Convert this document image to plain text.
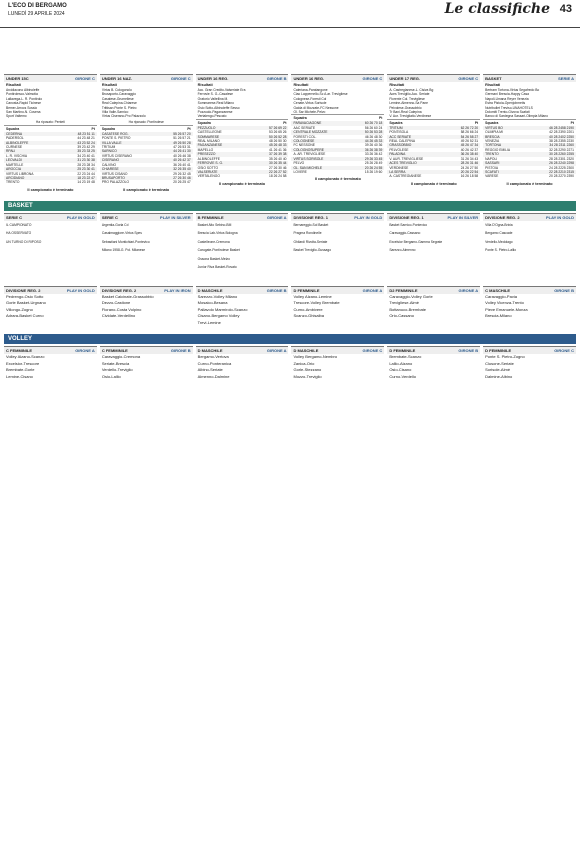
L'ECO DI BERGAMO
LUNEDÌ 29 APRILE 2024	Le classifiche 43
UNDER 15C	GIRONE C
Risultati
Arcidiacono Albinoleffe
Pontirolesco-Valmotia
Lallavega-L. R. Pontirolo
Canosta-Rapid Ticinese
Bemer-Arrocs Sossio
San Martino-N. Cosena
Sport Valtemo
Ha riposato: Penteti
Squadra	Pt
CEDERNA	48 23 51 11
PADERSOL	44 23 48 21
ALBINOLEFFE	43 23 52 24
CURNESE	39 23 42 29
RPALI	35 23 33 25
L. R. VISCHIA	34 23 40 41
LEOVALDI	31 23 30 38
MARTELLE	28 23 28 34
AROCCIA	25 23 30 41
VIRTUS LIBRONA	22 23 24 44
ARCIDIANO	18 23 22 47
TRENTO	14 23 19 48
Il campionato è terminato
UNDER 16 NAZ.	GIRONE C
Risultati
Virtus B. Cologonolo
Brusaporto-Caravaggio
Casatese-Grumellese
Real Calepina-Chiarese
Trittisan Ponte S. Pietro
Villa Valle-Sarnico
Virtus Ciserano-Pro Palazzolo
Ha riposato: Pontirolese
Squadra	Pt
CASATESE ROG.	55 26 57 20
PONTE S. PIETRO	51 26 57 21
VILLA VALLE	49 26 50 28
TRITIUM	47 26 53 31
SARNICO	44 26 41 30
VIRTUS CISERANO	40 26 46 38
CISERANO	40 26 42 37
CALVINO	36 26 40 41
CHIARESE	32 26 35 40
VIRTUS CISANO	29 26 32 45
BRUSAPORTO	27 26 30 46
PRO PALAZZOLO	20 26 25 47
Il campionato è terminato
UNDER 16 REG.	GIRONE B
Risultati
Acc. Gran Credito-Valseriate Era
Ferrovie S. G.-Casalese
Oratorio Valtellina M.
Sommarese-Real Milano
Osio Sotto-Albinoleffe Sesso
Pozzuolo-Paganzanese
Vertalengo-Pescato
Squadra	Pt
PEZZUOLO	57 26 69 22
CASTELLEONE	53 26 65 26
SOMMARESE	50 26 52 28
REAL MILANO	48 26 50 30
PAGANZANESE	45 26 48 33
MAPELLO	41 26 41 36
PRESEZZO	37 26 39 38
ALBINOLEFFE	35 26 40 40
FERROVIE S. G.	30 26 35 44
OSIO SOTTO	27 26 30 46
VALSERIATE	22 26 27 52
VERTALENGO	18 26 24 58
Il campionato è terminato
UNDER 16 REG.	GIRONE C
Risultati
Caleriana-Paratangone
Ciao Lappernello-Sc A.ar. Trevigliese
Colognese-Foresti Col
Cenate-Virtus Sorisole
Gaida di Mozzate-FC Nessone
Ol. Sar Michele-Pelvo
Squadra	Pt
PARAVACIAGONE	60 26 70 18
AAC SERIATE	56 26 60 24
CENTRALE MOZZATE	50 26 53 28
FORESTI COL.	46 26 48 30
COLOGNESE	44 26 45 33
FC NESSONE	39 26 40 36
COLOGNOSUPERE	36 26 38 39
A. AR. TREVIGLIESE	33 26 36 42
VIRTUS SORISOLE	29 26 33 45
PELVO	25 26 28 49
OL. SAN MICHELE	20 26 24 55
LOVERE	15 26 19 60
Il campionato è terminato
UNDER 17 REG.	GIRONE C
Risultati
A. Castregianese-L. Cisiva Bg
Aces Trevigliio-Acc. Seriate
Fiorente Col. Trevigliese
Lemine-Almenno-Sa Pane
Pelvolese-Grassobbio
Tr Bani-Real Calepina
V. Aur. Trevigliatio-Verdinese
Squadra	Pt
TRITIUM	62 26 72 20
PONTISOLA	58 26 66 24
ACC SERIATE	54 26 58 27
REAL CALEPINA	49 26 52 31
GRASSOBBIO	45 26 47 34
PELVOLESE	40 26 42 37
PALADINA	36 26 38 40
V. AUR. TREVIGLIESE	31 26 34 43
ACES TREVIGLIO	28 26 31 46
VERDINESE	24 26 27 50
LA SERRA	20 26 22 54
A. CASTREGIANESE	16 26 18 58
Il campionato è terminato
BASKET	SERIE A
Risultati
Bertram Tortona-Virtus Segafredo Bo
Germani Brescia-Happy Casa
Napoli-Umana Reyer Venezia
Estra Pistoia-Openjobmetis
Nutribullet Treviso-UNAHOTELS
Dolomiti Trento-Givova Scafati
Banco di Sardegna Sassari-Olimpia Milano
Squadra	Pt
VIRTUS BO	46 28 2458 2190
OLIMPIA MI	42 28 2390 2201
BRESCIA	40 28 2402 2250
VENEZIA	38 28 2355 2230
TORTONA	34 28 2311 2260
REGGIO EMILIA	32 28 2290 2271
TRENTO	30 28 2260 2255
NAPOLI	28 28 2301 2320
SASSARI	26 28 2240 2298
PISTOIA	24 28 2225 2300
SCAFATI	22 28 2210 2315
VARESE	20 28 2270 2390
Il campionato è terminato
BASKET
SERIE C	PLAY IN GOLD
IL CAMPIONATO
HA OSSERVATO
UN TURNO DI RIPOSO
SERIE C	PLAY IN SILVER
Argentia-Gorla Cd
Casalmaggiore-Virtus Spes
Sebastiani Montichiari-Pontevico
Milano 1958-G. Pol. Milanese
B FEMMINILE	GIRONE A
Basket Alto Sebino-BM
Brescia Lab-Virtus Bologna
Castelleone-Cremona
Carugate-Pontirolese Basket
Ossona Basket-Melzo
Junior Riva Basket-Rovato
DIVISIONE REG. 1	PLAY IN GOLD
Bernareggio-Sol Basket
Pragma Rondinelle
Ghilardi Rivolta-Seriate
Basket Treviglio-Gussago
DIVISIONE REG. 1	PLAY IN SILVER
Basket Sarnico-Pontevico
Caravaggio-Cassano
Excelsior Bergamo-Gamma Segrate
Sarezzo-Almenno
DIVISIONE REG. 2	PLAY IN GOLD
Villa D'Ogna-Brixia
Bergamo Cascade
Verdello-Medolago
Ponte S. Pietro-Lallio
DIVISIONE REG. 2	PLAY IN GOLD
Pedrengo-Osio Sotto
Gorle Basket-Urgnano
Villongo-Zogno
Adrara-Basket Curno
DIVISIONE REG. 2	PLAY IN IRON
Basket Calcinate-Grassobbio
Dezzo-Castione
Fiorano-Costa Volpino
Cividate-Verdellino
D MASCHILE	GIRONE B
Sarezzo-Volley Milano
Mosaico-Besana
Pallavolo Marmirolo-Scanzo
Cisano-Bergamo Volley
Trevi-Lemine
D FEMMINILE	GIRONE A
Volley Alzano-Lemine
Trescore-Volley Brembate
Curno-Ambivere
Scanzo-Ghisalba
D2 FEMMINILE	GIRONE A
Caravaggio-Volley Gorle
Trevigliese-Almè
Bottanuco-Brembate
Orio-Cassano
C MASCHILE	GIRONE B
Caravaggio-Pavia
Volley Vicenza-Trento
Pieve Emanuele-Monza
Brescia-Milano
VOLLEY
C FEMMINILE	GIRONE A
Volley Alzano-Scanzo
Excelsior-Trescore
Brembate-Gorle
Lemine-Cisano
C FEMMINILE	GIRONE B
Caravaggio-Cremona
Seriate-Brescia
Verdello-Treviglio
Osio-Lallio
D MASCHILE	GIRONE A
Bergamo-Vertova
Curno-Ponteranica
Albino-Seriate
Almenno-Dalmine
D MASCHILE	GIRONE C
Volley Bergamo-Nembro
Zanica-Orio
Gorle-Stezzano
Mozzo-Treviglio
D FEMMINILE	GIRONE B
Brembate-Scanzo
Lallio-Alzano
Osio-Cisano
Curno-Verdello
D FEMMINILE	GIRONE C
Ponte S. Pietro-Zogno
Clusone-Seriate
Sorisole-Almè
Dalmine-Albino
